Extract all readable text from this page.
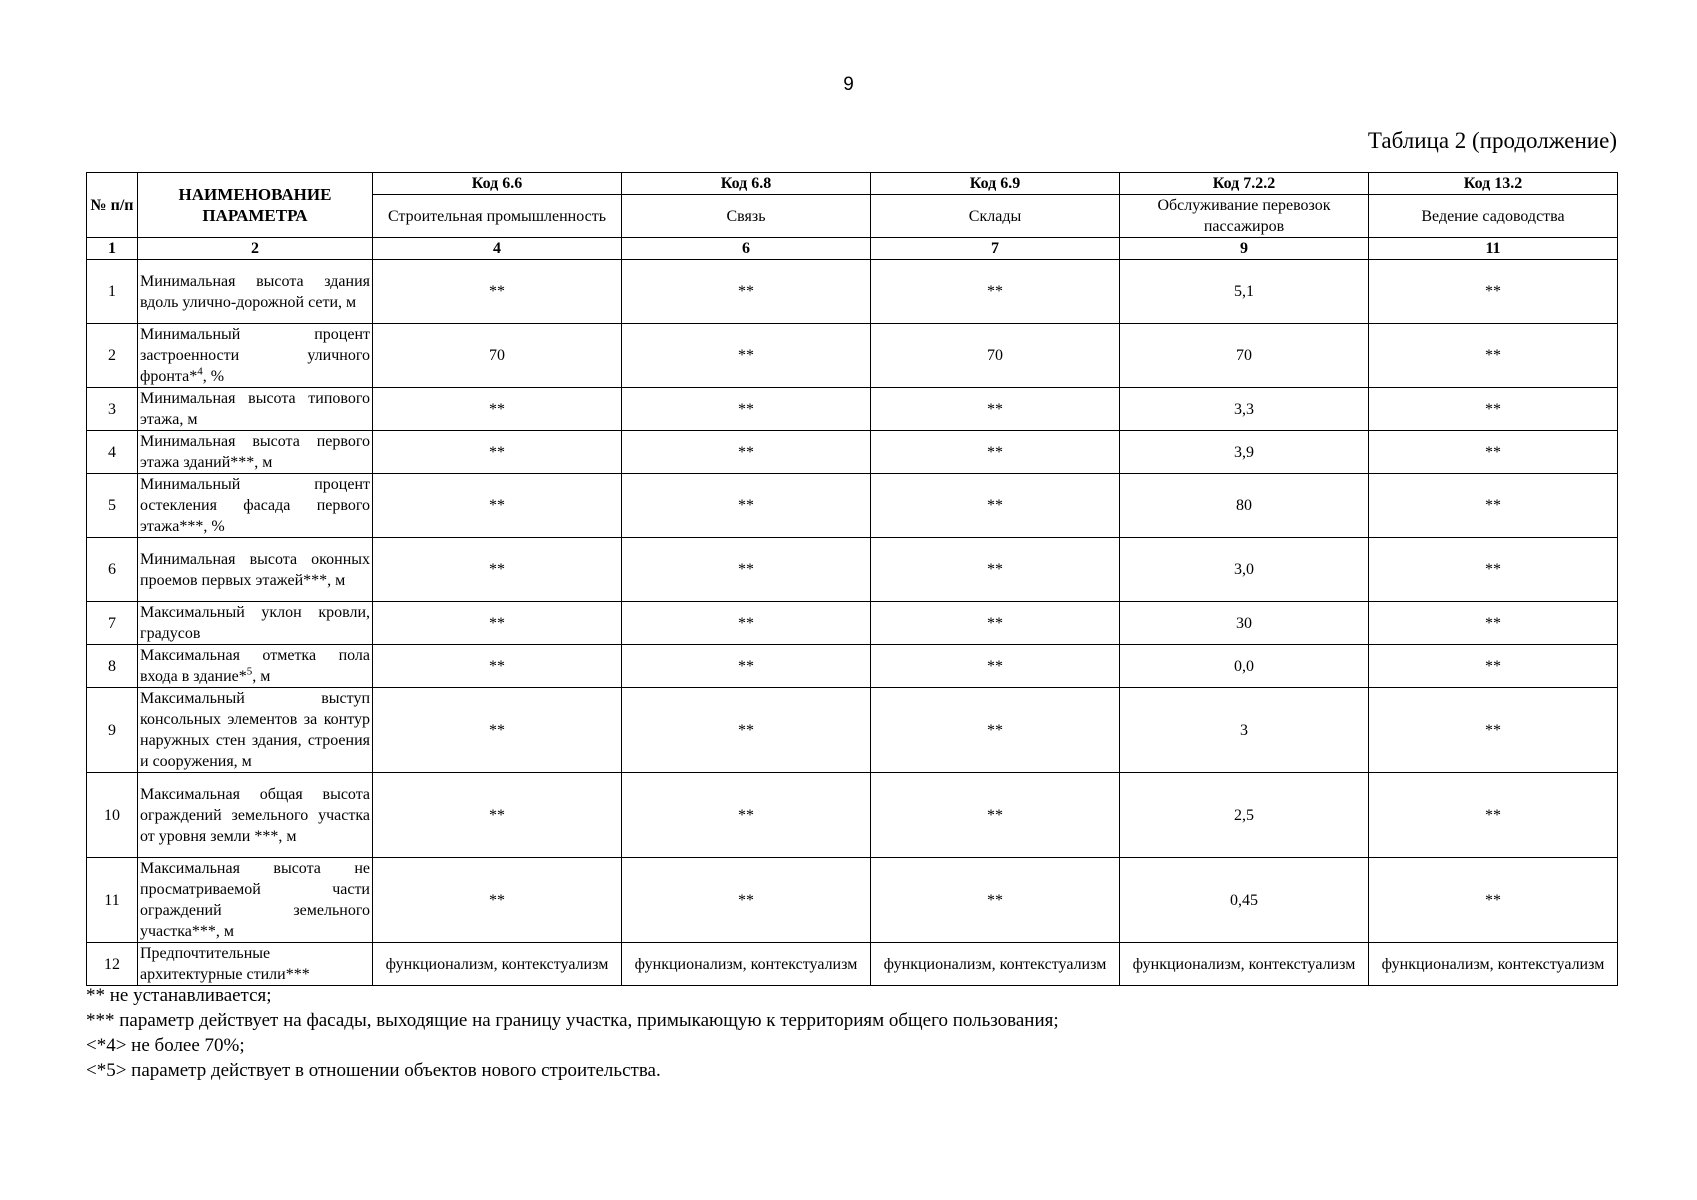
9
Таблица 2 (продолжение)
№ п/п	НАИМЕНОВАНИЕ ПАРАМЕТРА	Код 6.6	Код 6.8	Код 6.9	Код 7.2.2	Код 13.2
		Строительная промышленность	Связь	Склады	Обслуживание перевозок пассажиров	Ведение садоводства
1	2	4	6	7	9	11
1	Минимальная высота здания вдоль улично-дорожной сети, м	**	**	**	5,1	**
2	Минимальный процент застроенности уличного фронта*$^4$, %	70	**	70	70	**
3	Минимальная высота типового этажа, м	**	**	**	3,3	**
4	Минимальная высота первого этажа зданий***, м	**	**	**	3,9	**
5	Минимальный процент остекления фасада первого этажа***, %	**	**	**	80	**
6	Минимальная высота оконных проемов первых этажей***, м	**	**	**	3,0	**
7	Максимальный уклон кровли, градусов	**	**	**	30	**
8	Максимальная отметка пола входа в здание*$^5$, м	**	**	**	0,0	**
9	Максимальный выступ консольных элементов за контур наружных стен здания, строения и сооружения, м	**	**	**	3	**
10	Максимальная общая высота ограждений земельного участка от уровня земли ***, м	**	**	**	2,5	**
11	Максимальная высота не просматриваемой части ограждений земельного участка***, м	**	**	**	0,45	**
12	Предпочтительные архитектурные стили***	функционализм, контекстуализм	функционализм, контекстуализм	функционализм, контекстуализм	функционализм, контекстуализм	функционализм, контекстуализм
** не устанавливается;
*** параметр действует на фасады, выходящие на границу участка, примыкающую к территориям общего пользования;
<*4> не более 70%;
<*5> параметр действует в отношении объектов нового строительства.
